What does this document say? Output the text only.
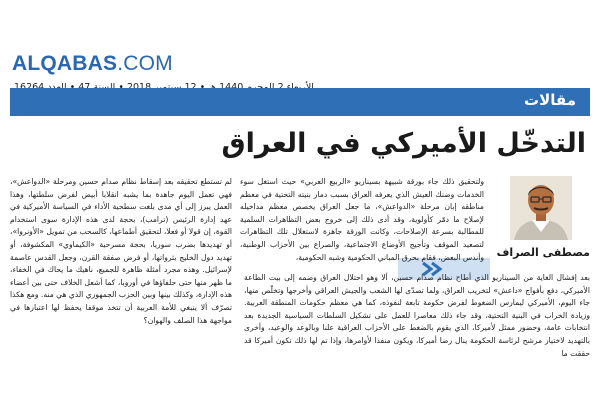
ALQABAS.COM
مقالات
التدخّل الأميركي في العراق
مصطفى الصراف
لم تستطع تحقيقه بعد إسقاط نظام صدام حسين ومرحلة «الدواعش»، فهي تعمل اليوم جاهدة بما يشبه انقلابا أبيض لفرض سلطتها، وهذا العمل يبرز إلى أي مدى بلغت سطحية الأداء في السياسة الأميركية في عهد إدارة الرئيس (ترامب)، بحجة لدى هذه الإدارة سوى استخدام القوة، إن قولا أو فعلا، لتحقيق أطماعها، كالسحب من تمويل «الأونروا»، أو تهديدها بضرب سوريا، بحجة مسرحية «الكيماوي» المكشوفة، أو تهديد دول الخليج بثرواتها، أو فرض صفقة القرن، وجعل القدس عاصمة لإسرائيل. وهذه مجرد أمثلة ظاهرة للجميع، ناهيك ما يحاك في الخفاء، ما ظهر منها حتى حلفاؤها في أوروبا، كما أشعل الخلاف حتى بين أعضاء هذه الإدارة، وكذلك بينها وبين الحزب الجمهوري الذي هي منه. ومع هكذا تصرّف ألا ينبغي للأمة العربية أن تتخذ موقفا يحفظ لها اعتبارها في مواجهة هذا الصلف والهوان؟
ولتحقيق ذلك جاء بورقة شبيهة بسيناريو «الربيع العربي» حيث استغل سوء الخدمات وضنك العيش الذي يعرفه العراق بسبب دمار بنيته التحتية في معظم مناطقه إبان مرحلة «الدواعش»، ما جعل العراق يخصص معظم مداخيله لإصلاح ما دمّر كأولوية، وقد أدى ذلك إلى خروج بعض التظاهرات السلمية للمطالبة بسرعة الإصلاحات، وكانت الورقة جاهزة لاستغلال تلك التظاهرات لتصعيد الموقف وتأجيج الأوضاع الاجتماعية، والصراع بين الأحزاب الوطنية، وأندس البعض، فقام بحرق المباني الحكومية وشبه الحكومية،
بعد إفشال الغاية من السيناريو الذي أطاح نظام صدام حسين، ألا وهو احتلال العراق وضمه إلى بيت الطاعة الأميركي، دفع بأفواج «داعش» لتخريب العراق، ولما تصدّى لها الشعب والجيش العراقي وأخرجها وتخلّص منها، جاء اليوم، الأميركي ليمارس الضغوط لفرض حكومة تابعة لنفوذه، كما هي معظم حكومات المنطقة العربية. وزيادة الخراب في البنية التحتية، وقد جاء ذلك معاصرا للعمل على تشكيل السلطات السياسية الجديدة بعد انتخابات عامة، وحضور ممثل لأميركا، الذي يقوم بالضغط على الأحزاب العراقية علنا وبالوعد والوعيد، وأخرى بالتهديد لاختيار مرشح لرئاسة الحكومة ينال رضا أميركا، ويكون منفذا لأوامرها، وإذا تم لها ذلك تكون أميركا قد حققت ما
